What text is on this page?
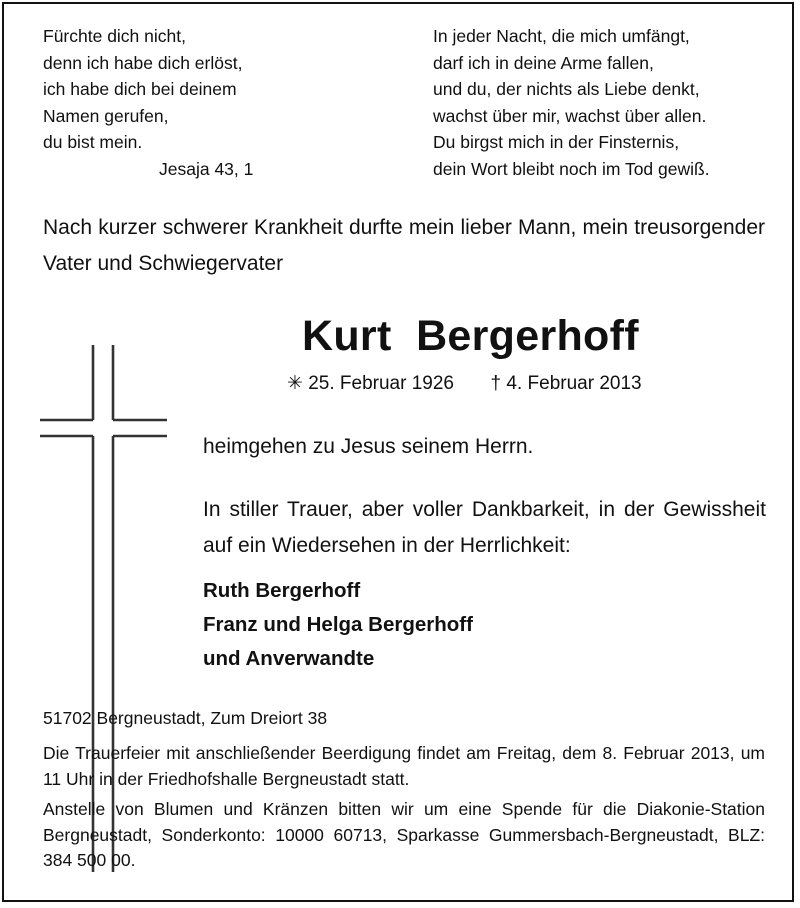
Fürchte dich nicht,
denn ich habe dich erlöst,
ich habe dich bei deinem
Namen gerufen,
du bist mein.
Jesaja 43, 1
In jeder Nacht, die mich umfängt,
darf ich in deine Arme fallen,
und du, der nichts als Liebe denkt,
wachst über mir, wachst über allen.
Du birgst mich in der Finsternis,
dein Wort bleibt noch im Tod gewiß.
Nach kurzer schwerer Krankheit durfte mein lieber Mann, mein treusorgender Vater und Schwiegervater
Kurt  Bergerhoff
✳ 25. Februar 1926 † 4. Februar 2013
heimgehen zu Jesus seinem Herrn.
In stiller Trauer, aber voller Dankbarkeit, in der Gewissheit auf ein Wiedersehen in der Herrlichkeit:
Ruth Bergerhoff
Franz und Helga Bergerhoff
und Anverwandte
51702 Bergneustadt, Zum Dreiort 38
Die Trauerfeier mit anschließender Beerdigung findet am Freitag, dem 8. Februar 2013, um 11 Uhr in der Friedhofshalle Bergneustadt statt.
Anstelle von Blumen und Kränzen bitten wir um eine Spende für die Diakonie-Station Bergneustadt, Sonderkonto: 10000 60713, Sparkasse Gummersbach-Bergneustadt, BLZ: 384 500 00.
